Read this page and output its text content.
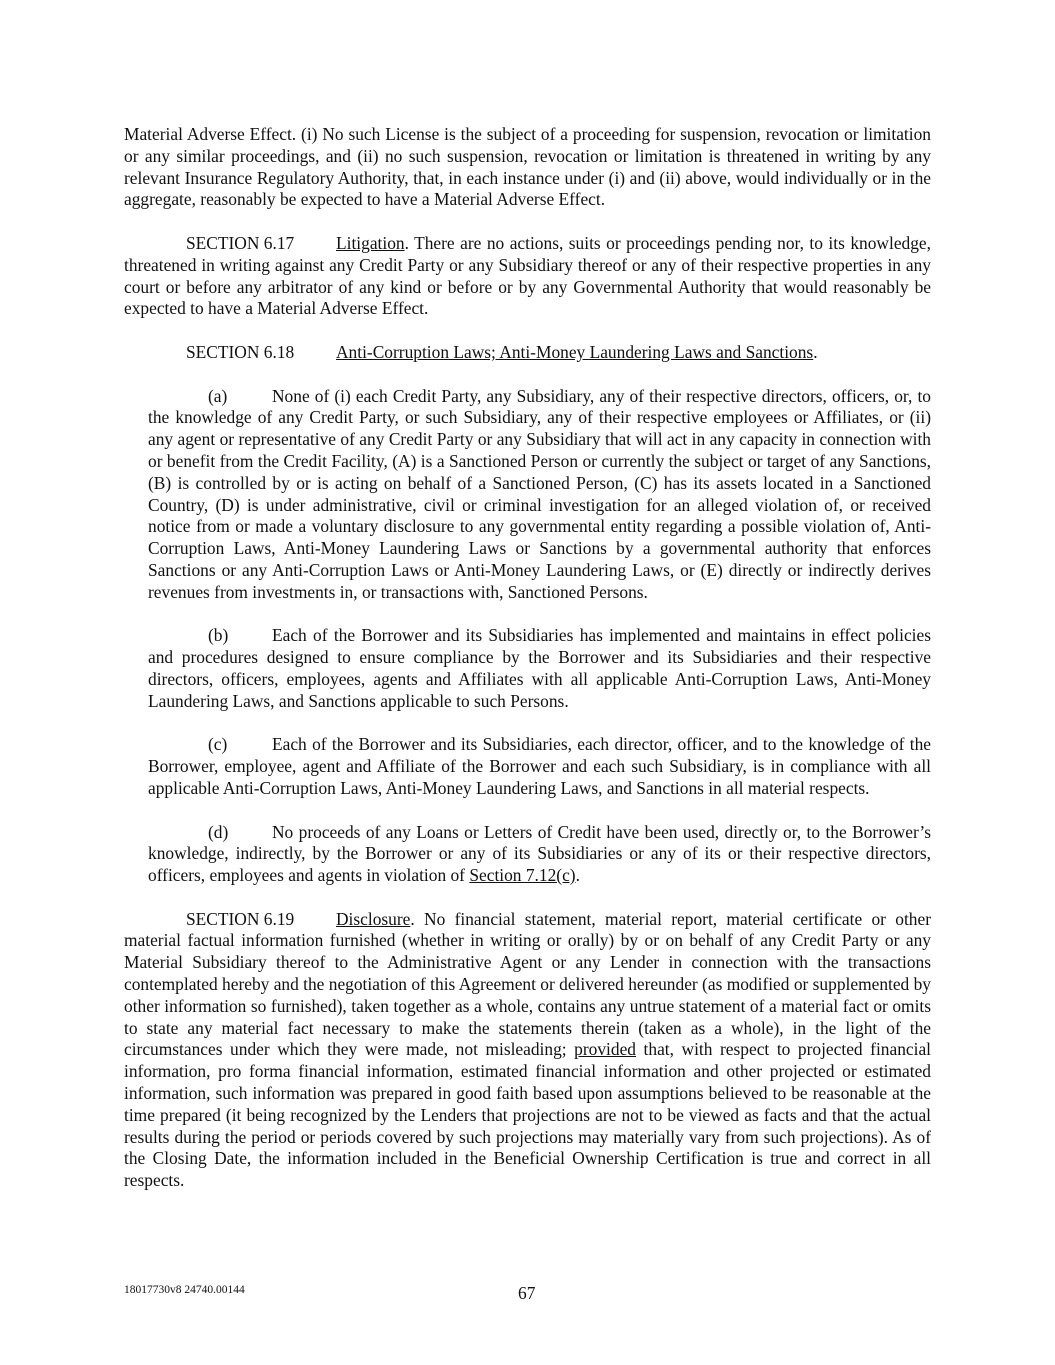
Material Adverse Effect. (i) No such License is the subject of a proceeding for suspension, revocation or limitation or any similar proceedings, and (ii) no such suspension, revocation or limitation is threatened in writing by any relevant Insurance Regulatory Authority, that, in each instance under (i) and (ii) above, would individually or in the aggregate, reasonably be expected to have a Material Adverse Effect.

SECTION 6.17 Litigation. There are no actions, suits or proceedings pending nor, to its knowledge, threatened in writing against any Credit Party or any Subsidiary thereof or any of their respective properties in any court or before any arbitrator of any kind or before or by any Governmental Authority that would reasonably be expected to have a Material Adverse Effect.

SECTION 6.18 Anti-Corruption Laws; Anti-Money Laundering Laws and Sanctions.

(a)	None of (i) each Credit Party, any Subsidiary, any of their respective directors, officers, or, to the knowledge of any Credit Party, or such Subsidiary, any of their respective employees or Affiliates, or (ii) any agent or representative of any Credit Party or any Subsidiary that will act in any capacity in connection with or benefit from the Credit Facility, (A) is a Sanctioned Person or currently the subject or target of any Sanctions, (B) is controlled by or is acting on behalf of a Sanctioned Person, (C) has its assets located in a Sanctioned Country, (D) is under administrative, civil or criminal investigation for an alleged violation of, or received notice from or made a voluntary disclosure to any governmental entity regarding a possible violation of, Anti-Corruption Laws, Anti-Money Laundering Laws or Sanctions by a governmental authority that enforces Sanctions or any Anti-Corruption Laws or Anti-Money Laundering Laws, or (E) directly or indirectly derives revenues from investments in, or transactions with, Sanctioned Persons.

(b)	Each of the Borrower and its Subsidiaries has implemented and maintains in effect policies and procedures designed to ensure compliance by the Borrower and its Subsidiaries and their respective directors, officers, employees, agents and Affiliates with all applicable Anti-Corruption Laws, Anti-Money Laundering Laws, and Sanctions applicable to such Persons.

(c)	Each of the Borrower and its Subsidiaries, each director, officer, and to the knowledge of the Borrower, employee, agent and Affiliate of the Borrower and each such Subsidiary, is in compliance with all applicable Anti-Corruption Laws, Anti-Money Laundering Laws, and Sanctions in all material respects.

(d)	No proceeds of any Loans or Letters of Credit have been used, directly or, to the Borrower’s knowledge, indirectly, by the Borrower or any of its Subsidiaries or any of its or their respective directors, officers, employees and agents in violation of Section 7.12(c).

SECTION 6.19 Disclosure. No financial statement, material report, material certificate or other material factual information furnished (whether in writing or orally) by or on behalf of any Credit Party or any Material Subsidiary thereof to the Administrative Agent or any Lender in connection with the transactions contemplated hereby and the negotiation of this Agreement or delivered hereunder (as modified or supplemented by other information so furnished), taken together as a whole, contains any untrue statement of a material fact or omits to state any material fact necessary to make the statements therein (taken as a whole), in the light of the circumstances under which they were made, not misleading; provided that, with respect to projected financial information, pro forma financial information, estimated financial information and other projected or estimated information, such information was prepared in good faith based upon assumptions believed to be reasonable at the time prepared (it being recognized by the Lenders that projections are not to be viewed as facts and that the actual results during the period or periods covered by such projections may materially vary from such projections). As of the Closing Date, the information included in the Beneficial Ownership Certification is true and correct in all respects.

18017730v8 24740.00144	67
